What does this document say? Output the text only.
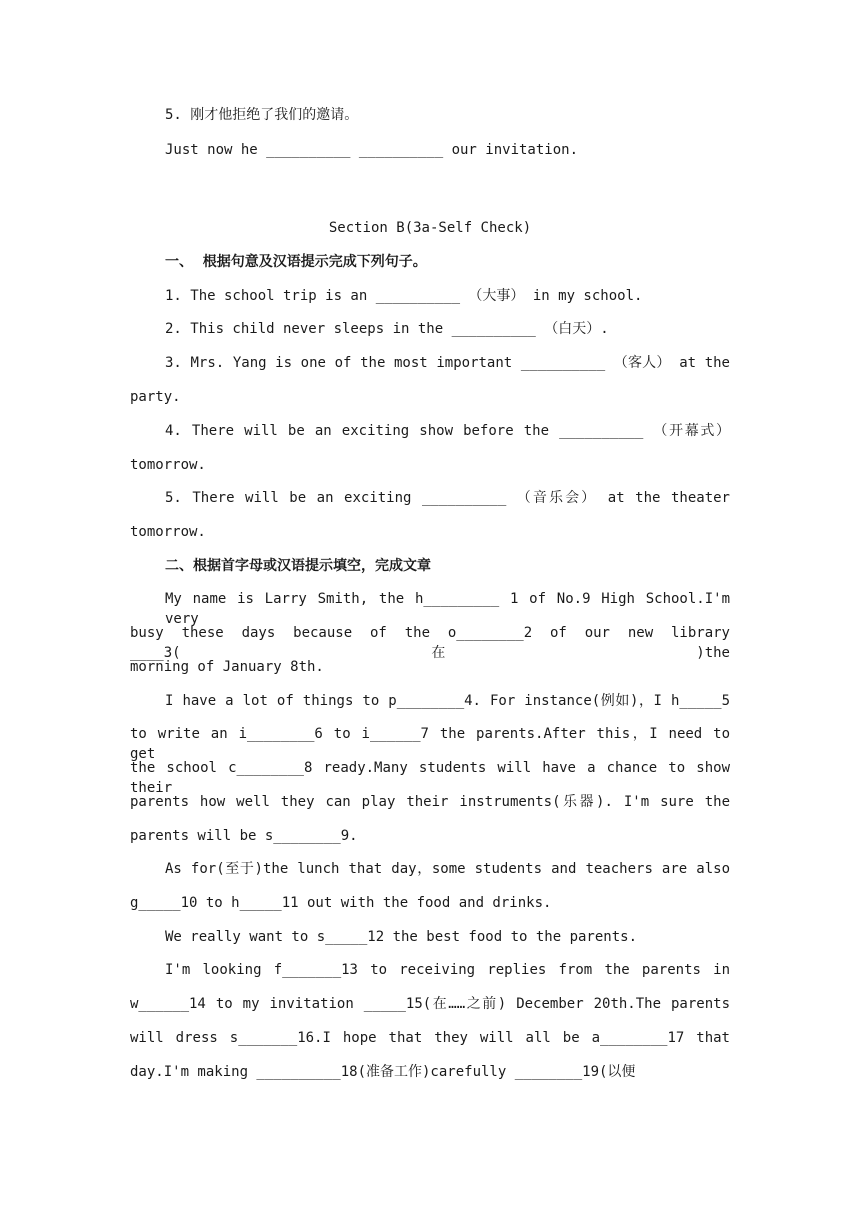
5. 刚才他拒绝了我们的邀请。
Just now he __________ __________ our invitation.
Section B(3a-Self Check)
一、  根据句意及汉语提示完成下列句子。
1. The school trip is an __________ （大事） in my school.
2. This child never sleeps in the __________ （白天）.
3. Mrs. Yang is one of the most important __________ （客人） at the
party.
4. There will be an exciting show before the __________ （开幕式）
tomorrow.
5. There will be an exciting __________ （音乐会） at the theater
tomorrow.
二、根据首字母或汉语提示填空，完成文章
My name is Larry Smith, the h_________ 1 of No.9 High School.I'm very
busy these days because of the o________2 of our new library ____3(在)the
morning of January 8th.
I have a lot of things to p________4. For instance(例如)，I h_____5
to write an i________6 to i______7 the parents.After this，I need to get
the school c________8 ready.Many students will have a chance to show their
parents how well they can play their instruments(乐器). I'm sure the
parents will be s________9.
As for(至于)the lunch that day，some students and teachers are also
g_____10 to h_____11 out with the food and drinks.
We really want to s_____12 the best food to the parents.
I'm looking f_______13 to receiving replies from the parents in
w______14 to my invitation _____15(在……之前) December 20th.The parents
will dress s_______16.I hope that they will all be a________17 that
day.I'm making __________18(准备工作)carefully ________19(以便
